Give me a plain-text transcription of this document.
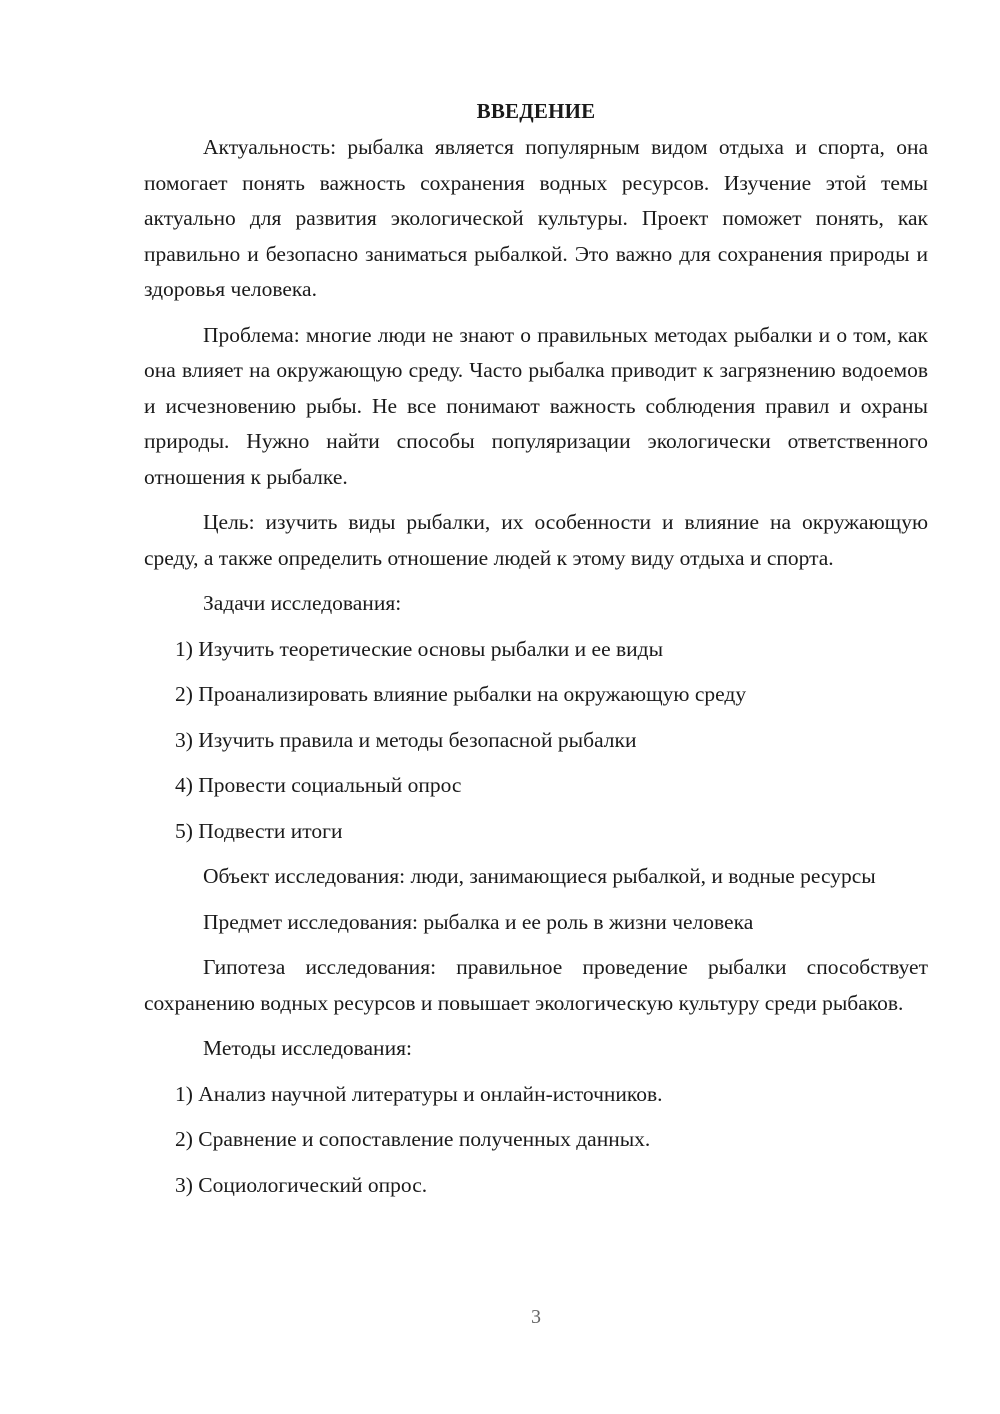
ВВЕДЕНИЕ

Актуальность: рыбалка является популярным видом отдыха и спорта, она помогает понять важность сохранения водных ресурсов. Изучение этой темы актуально для развития экологической культуры. Проект поможет понять, как правильно и безопасно заниматься рыбалкой. Это важно для сохранения природы и здоровья человека.

Проблема: многие люди не знают о правильных методах рыбалки и о том, как она влияет на окружающую среду. Часто рыбалка приводит к загрязнению водоемов и исчезновению рыбы. Не все понимают важность соблюдения правил и охраны природы. Нужно найти способы популяризации экологически ответственного отношения к рыбалке.

Цель: изучить виды рыбалки, их особенности и влияние на окружающую среду, а также определить отношение людей к этому виду отдыха и спорта.

Задачи исследования:

1) Изучить теоретические основы рыбалки и ее виды

2) Проанализировать влияние рыбалки на окружающую среду

3) Изучить правила и методы безопасной рыбалки

4) Провести социальный опрос

5) Подвести итоги

Объект исследования: люди, занимающиеся рыбалкой, и водные ресурсы

Предмет исследования: рыбалка и ее роль в жизни человека

Гипотеза исследования: правильное проведение рыбалки способствует сохранению водных ресурсов и повышает экологическую культуру среди рыбаков.

Методы исследования:

1) Анализ научной литературы и онлайн-источников.

2) Сравнение и сопоставление полученных данных.

3) Социологический опрос.

3
